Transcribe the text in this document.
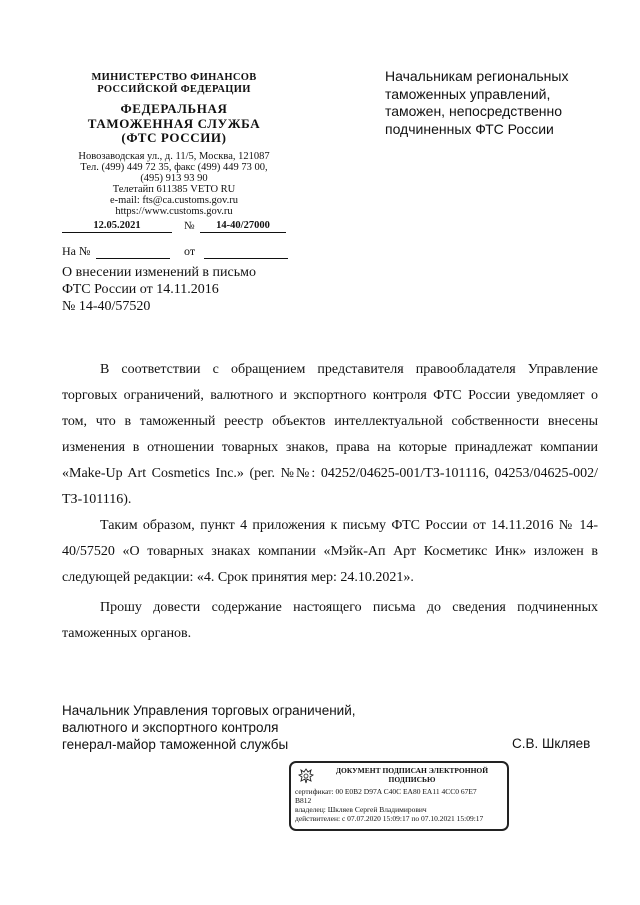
МИНИСТЕРСТВО ФИНАНСОВ
РОССИЙСКОЙ ФЕДЕРАЦИИ
ФЕДЕРАЛЬНАЯ
ТАМОЖЕННАЯ СЛУЖБА
(ФТС РОССИИ)
Новозаводская ул., д. 11/5, Москва, 121087
Тел. (499) 449 72 35, факс (499) 449 73 00,
(495) 913 93 90
Телетайп 611385 VETO RU
e-mail: fts@ca.customs.gov.ru
https://www.customs.gov.ru
12.05.2021	№	14-40/27000
На №	от
О внесении изменений в письмо
ФТС России от 14.11.2016
№ 14-40/57520
Начальникам региональных
таможенных управлений,
таможен, непосредственно
подчиненных ФТС России

В соответствии с обращением представителя правообладателя Управление торговых ограничений, валютного и экспортного контроля ФТС России уведомляет о том, что в таможенный реестр объектов интеллектуальной собственности внесены изменения в отношении товарных знаков, права на которые принадлежат компании «Make-Up Art Cosmetics Inc.» (рег. №№: 04252/04625-001/ТЗ-101116, 04253/04625-002/ТЗ-101116).

Таким образом, пункт 4 приложения к письму ФТС России от 14.11.2016 № 14-40/57520 «О товарных знаках компании «Мэйк-Ап Арт Косметикс Инк» изложен в следующей редакции: «4. Срок принятия мер: 24.10.2021».

Прошу довести содержание настоящего письма до сведения подчиненных таможенных органов.

Начальник Управления торговых ограничений,
валютного и экспортного контроля
генерал-майор таможенной службы	С.В. Шкляев
ДОКУМЕНТ ПОДПИСАН ЭЛЕКТРОННОЙ
ПОДПИСЬЮ
сертификат: 00 E0B2 D97A C40C EA80 EA11 4CC0 67E7
B812
владелец: Шкляев Сергей Владимирович
действителен: с 07.07.2020 15:09:17 по 07.10.2021 15:09:17
